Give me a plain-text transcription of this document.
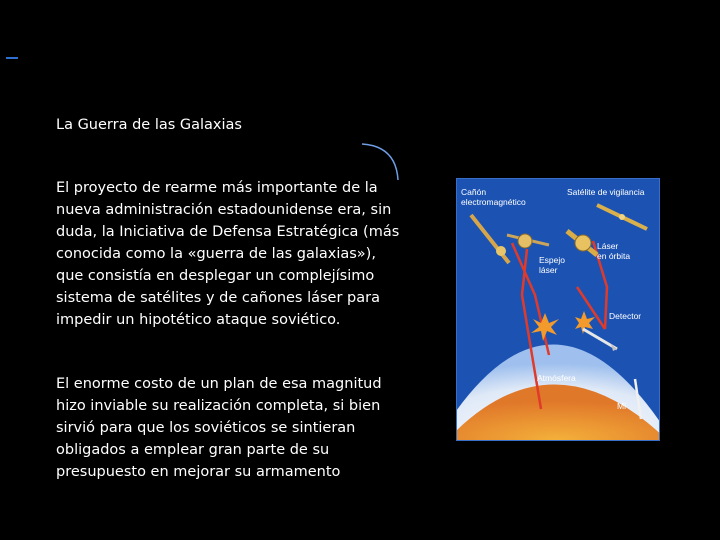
La Guerra de las Galaxias

El proyecto de rearme más importante de la nueva administración estadounidense era, sin duda, la Iniciativa de Defensa Estratégica (más conocida como la «guerra de las galaxias»), que consistía en desplegar un complejísimo sistema de satélites y de cañones láser para impedir un hipotético ataque soviético.

El enorme costo de un plan de esa magnitud hizo inviable su realización completa, si bien sirvió para que los soviéticos se sintieran obligados a emplear gran parte de su presupuesto en mejorar su armamento

Cañón
electromagnético
Satélite de vigilancia
Espejo
láser
Láser
en órbita
Detector
Atmósfera
Mi
